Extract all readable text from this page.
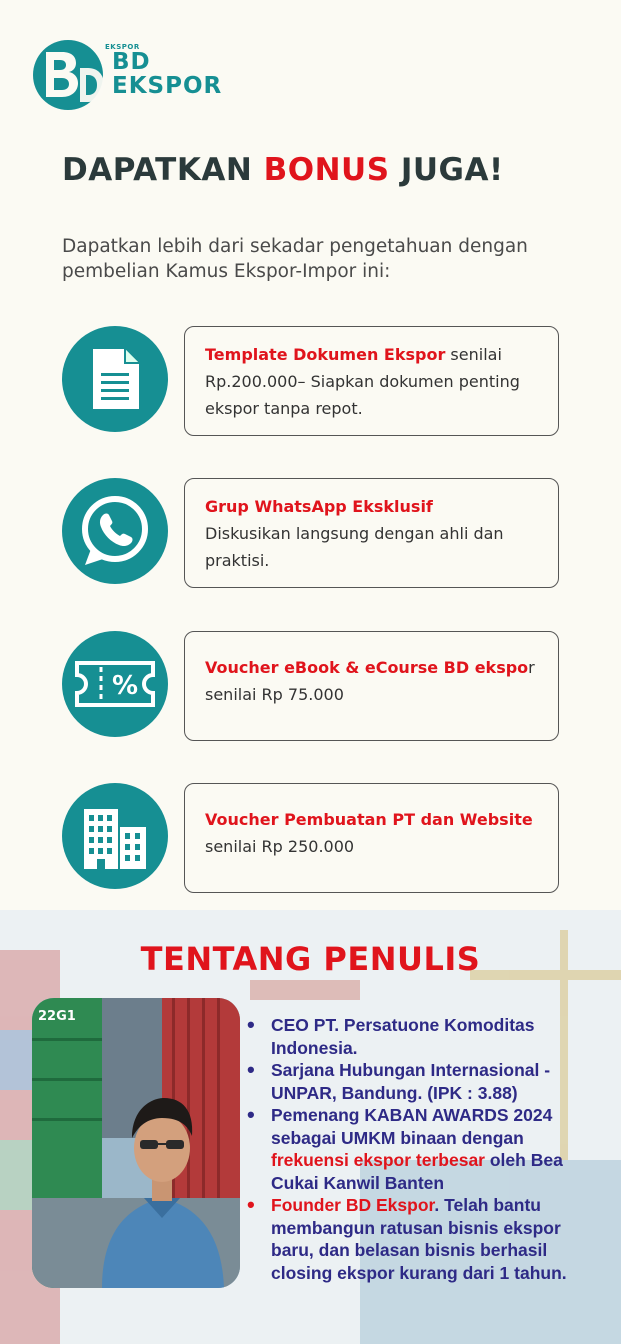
EKSPOR
BD
EKSPOR
DAPATKAN BONUS JUGA!
Dapatkan lebih dari sekadar pengetahuan dengan pembelian Kamus Ekspor-Impor ini:
Template Dokumen Ekspor senilai Rp.200.000– Siapkan dokumen penting ekspor tanpa repot.
Grup WhatsApp Eksklusif
Diskusikan langsung dengan ahli dan praktisi.
%
Voucher eBook & eCourse BD ekspor senilai Rp 75.000
Voucher Pembuatan PT dan Website senilai Rp 250.000
TENTANG PENULIS
22G1	• CEO PT. Persatuone Komoditas Indonesia.
• Sarjana Hubungan Internasional - UNPAR, Bandung. (IPK : 3.88)
• Pemenang KABAN AWARDS 2024 sebagai UMKM binaan dengan frekuensi ekspor terbesar oleh Bea Cukai Kanwil Banten
• Founder BD Ekspor. Telah bantu membangun ratusan bisnis ekspor baru, dan belasan bisnis berhasil closing ekspor kurang dari 1 tahun.
